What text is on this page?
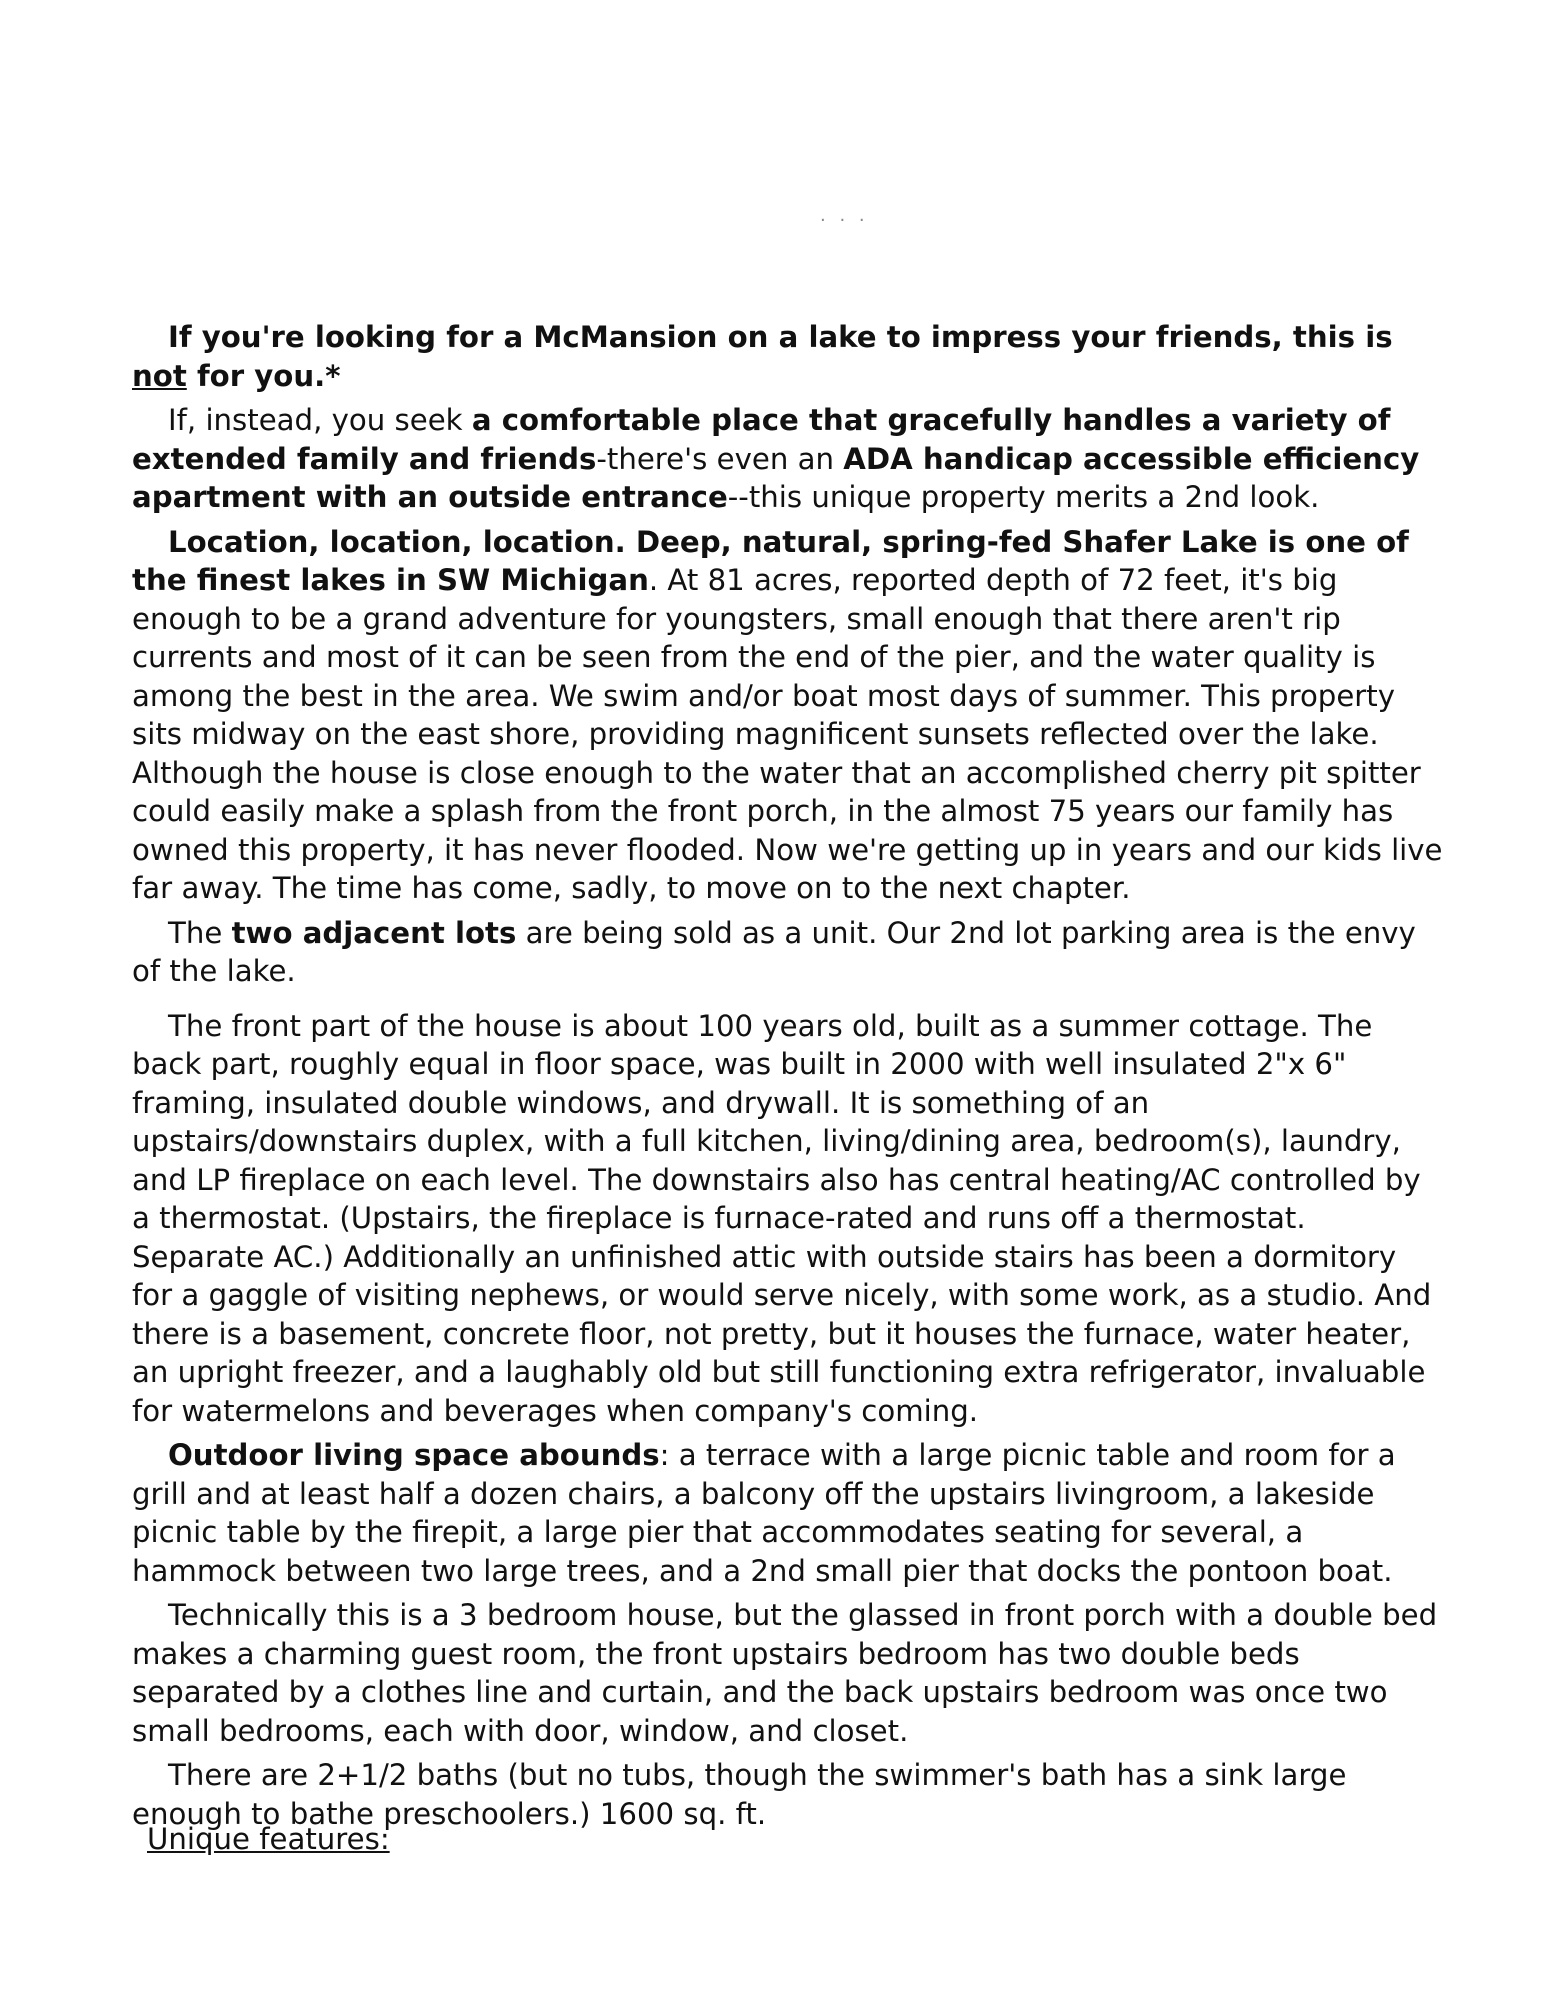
. . .

If you're looking for a McMansion on a lake to impress your friends, this is not for you.*

If, instead, you seek a comfortable place that gracefully handles a variety of extended family and friends-there's even an ADA handicap accessible efficiency apartment with an outside entrance--this unique property merits a 2nd look.

Location, location, location. Deep, natural, spring-fed Shafer Lake is one of the finest lakes in SW Michigan. At 81 acres, reported depth of 72 feet, it's big enough to be a grand adventure for youngsters, small enough that there aren't rip currents and most of it can be seen from the end of the pier, and the water quality is among the best in the area. We swim and/or boat most days of summer. This property sits midway on the east shore, providing magnificent sunsets reflected over the lake. Although the house is close enough to the water that an accomplished cherry pit spitter could easily make a splash from the front porch, in the almost 75 years our family has owned this property, it has never flooded. Now we're getting up in years and our kids live far away. The time has come, sadly, to move on to the next chapter.

The two adjacent lots are being sold as a unit. Our 2nd lot parking area is the envy of the lake.

The front part of the house is about 100 years old, built as a summer cottage. The back part, roughly equal in floor space, was built in 2000 with well insulated 2"x 6" framing, insulated double windows, and drywall. It is something of an upstairs/downstairs duplex, with a full kitchen, living/dining area, bedroom(s), laundry, and LP fireplace on each level. The downstairs also has central heating/AC controlled by a thermostat. (Upstairs, the fireplace is furnace-rated and runs off a thermostat. Separate AC.) Additionally an unfinished attic with outside stairs has been a dormitory for a gaggle of visiting nephews, or would serve nicely, with some work, as a studio. And there is a basement, concrete floor, not pretty, but it houses the furnace, water heater, an upright freezer, and a laughably old but still functioning extra refrigerator, invaluable for watermelons and beverages when company's coming.

Outdoor living space abounds: a terrace with a large picnic table and room for a grill and at least half a dozen chairs, a balcony off the upstairs livingroom, a lakeside picnic table by the firepit, a large pier that accommodates seating for several, a hammock between two large trees, and a 2nd small pier that docks the pontoon boat.

Technically this is a 3 bedroom house, but the glassed in front porch with a double bed makes a charming guest room, the front upstairs bedroom has two double beds separated by a clothes line and curtain, and the back upstairs bedroom was once two small bedrooms, each with door, window, and closet.

There are 2+1/2 baths (but no tubs, though the swimmer's bath has a sink large enough to bathe preschoolers.) 1600 sq. ft.

Unique features:
